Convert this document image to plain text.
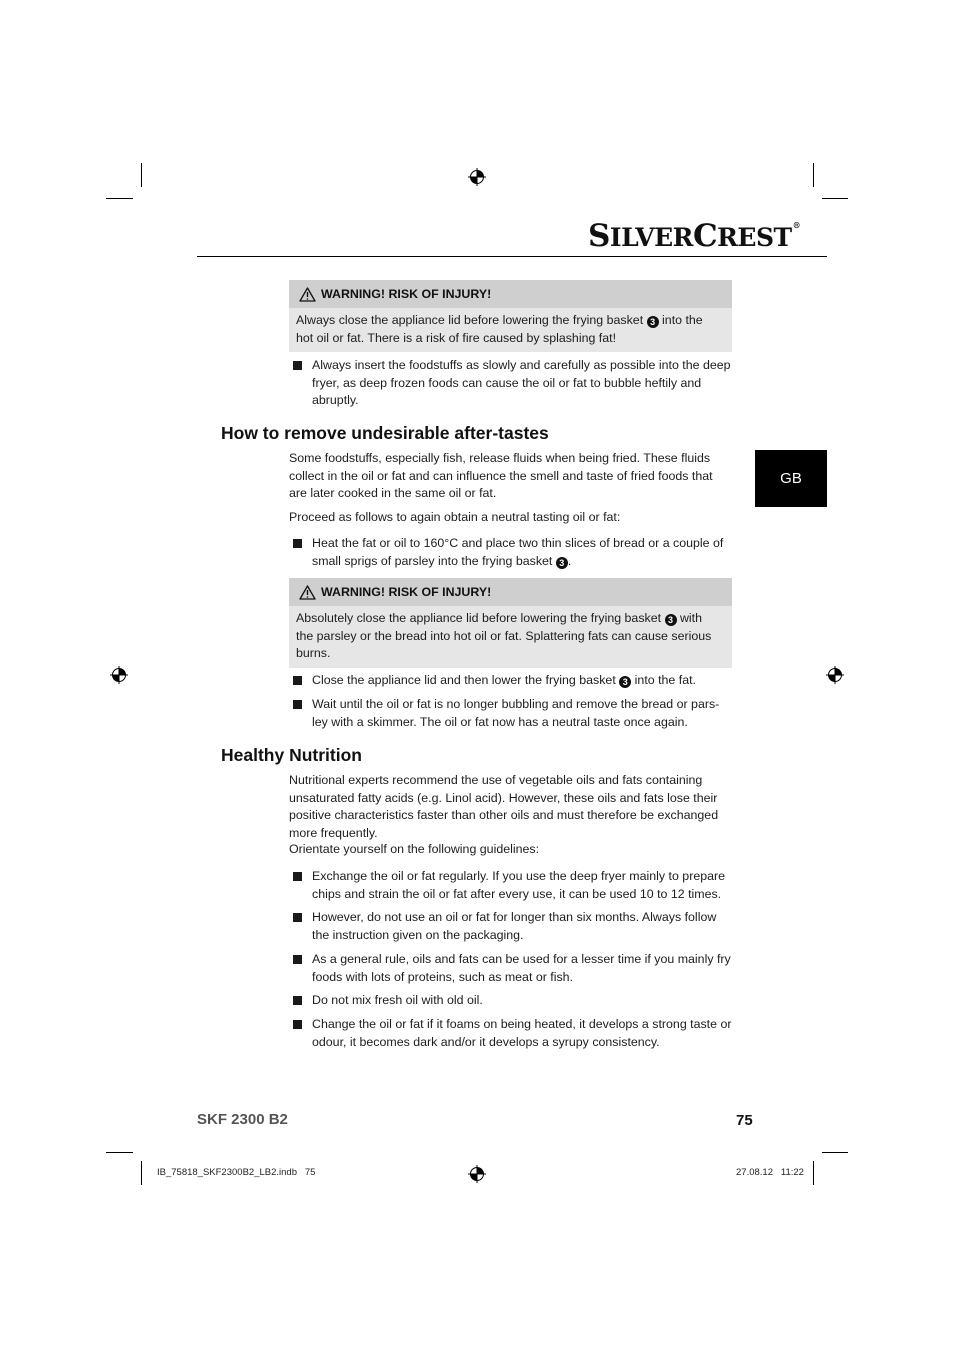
SILVERCREST®
GB
WARNING! RISK OF INJURY!
Always close the appliance lid before lowering the frying basket 3 into the hot oil or fat. There is a risk of fire caused by splashing fat!
Always insert the foodstuffs as slowly and carefully as possible into the deep fryer, as deep frozen foods can cause the oil or fat to bubble heftily and abruptly.
How to remove undesirable after-tastes
Some foodstuffs, especially fish, release fluids when being fried. These fluids collect in the oil or fat and can influence the smell and taste of fried foods that are later cooked in the same oil or fat.
Proceed as follows to again obtain a neutral tasting oil or fat:
Heat the fat or oil to 160°C and place two thin slices of bread or a couple of small sprigs of parsley into the frying basket 3 .
WARNING! RISK OF INJURY!
Absolutely close the appliance lid before lowering the frying basket 3 with the parsley or the bread into hot oil or fat. Splattering fats can cause serious burns.
Close the appliance lid and then lower the frying basket 3 into the fat.
Wait until the oil or fat is no longer bubbling and remove the bread or pars-ley with a skimmer. The oil or fat now has a neutral taste once again.
Healthy Nutrition
Nutritional experts recommend the use of vegetable oils and fats containing unsaturated fatty acids (e.g. Linol acid). However, these oils and fats lose their positive characteristics faster than other oils and must therefore be exchanged more frequently.
Orientate yourself on the following guidelines:
Exchange the oil or fat regularly. If you use the deep fryer mainly to prepare chips and strain the oil or fat after every use, it can be used 10 to 12 times.
However, do not use an oil or fat for longer than six months. Always follow the instruction given on the packaging.
As a general rule, oils and fats can be used for a lesser time if you mainly fry foods with lots of proteins, such as meat or fish.
Do not mix fresh oil with old oil.
Change the oil or fat if it foams on being heated, it develops a strong taste or odour, it becomes dark and/or it develops a syrupy consistency.
SKF 2300 B2	75
IB_75818_SKF2300B2_LB2.indb   75	27.08.12   11:22
